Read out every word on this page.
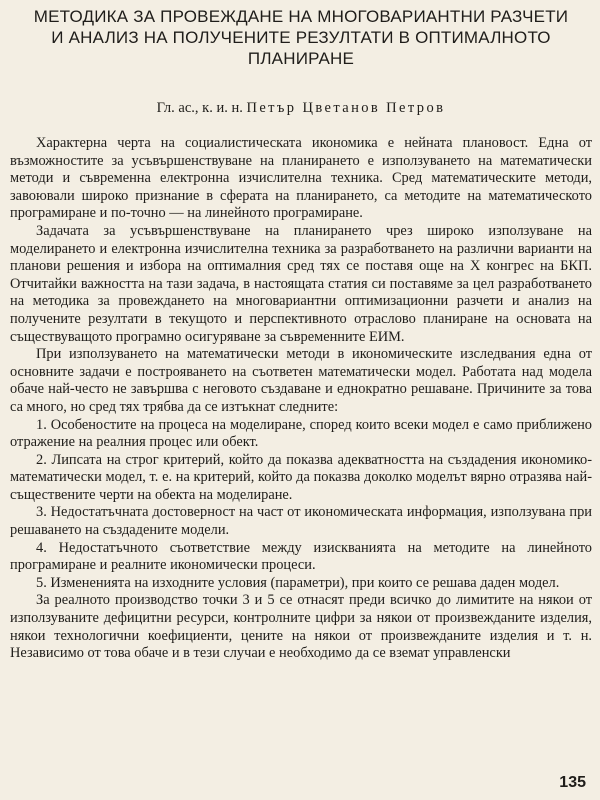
МЕТОДИКА ЗА ПРОВЕЖДАНЕ НА МНОГОВАРИАНТНИ РАЗЧЕТИ
И АНАЛИЗ НА ПОЛУЧЕНИТЕ РЕЗУЛТАТИ В ОПТИМАЛНОТО
ПЛАНИРАНЕ
Гл. ас., к. и. н. Петър Цветанов Петров

Характерна черта на социалистическата икономика е нейната плановост. Една от възможностите за усъвършенствуване на планирането е използуването на математически методи и съвременна електронна изчислителна техника. Сред математическите методи, завоювали широко признание в сферата на планирането, са методите на математическото програмиране и по-точно — на линейното програмиране.

Задачата за усъвършенствуване на планирането чрез широко използуване на моделирането и електронна изчислителна техника за разработването на различни варианти на планови решения и избора на оптималния сред тях се поставя още на X конгрес на БКП. Отчитайки важността на тази задача, в настоящата статия си поставяме за цел разработването на методика за провеждането на многовариантни оптимизационни разчети и анализ на получените резултати в текущото и перспективното отраслово планиране на основата на съществуващото програмно осигуряване за съвременните ЕИМ.

При използуването на математически методи в икономическите изследвания една от основните задачи е построяването на съответен математически модел. Работата над модела обаче най-често не завършва с неговото създаване и еднократно решаване. Причините за това са много, но сред тях трябва да се изтъкнат следните:

1. Особеностите на процеса на моделиране, според които всеки модел е само приближено отражение на реалния процес или обект.

2. Липсата на строг критерий, който да показва адекватността на създадения икономико-математически модел, т. е. на критерий, който да показва доколко моделът вярно отразява най-съществените черти на обекта на моделиране.

3. Недостатъчната достоверност на част от икономическата информация, използувана при решаването на създадените модели.

4. Недостатъчното съответствие между изискванията на методите на линейното програмиране и реалните икономически процеси.

5. Измененията на изходните условия (параметри), при които се решава даден модел.

За реалното производство точки 3 и 5 се отнасят преди всичко до лимитите на някои от използуваните дефицитни ресурси, контролните цифри за някои от произвежданите изделия, някои технологични коефициенти, цените на някои от произвежданите изделия и т. н. Независимо от това обаче и в тези случаи е необходимо да се вземат управленски

135
